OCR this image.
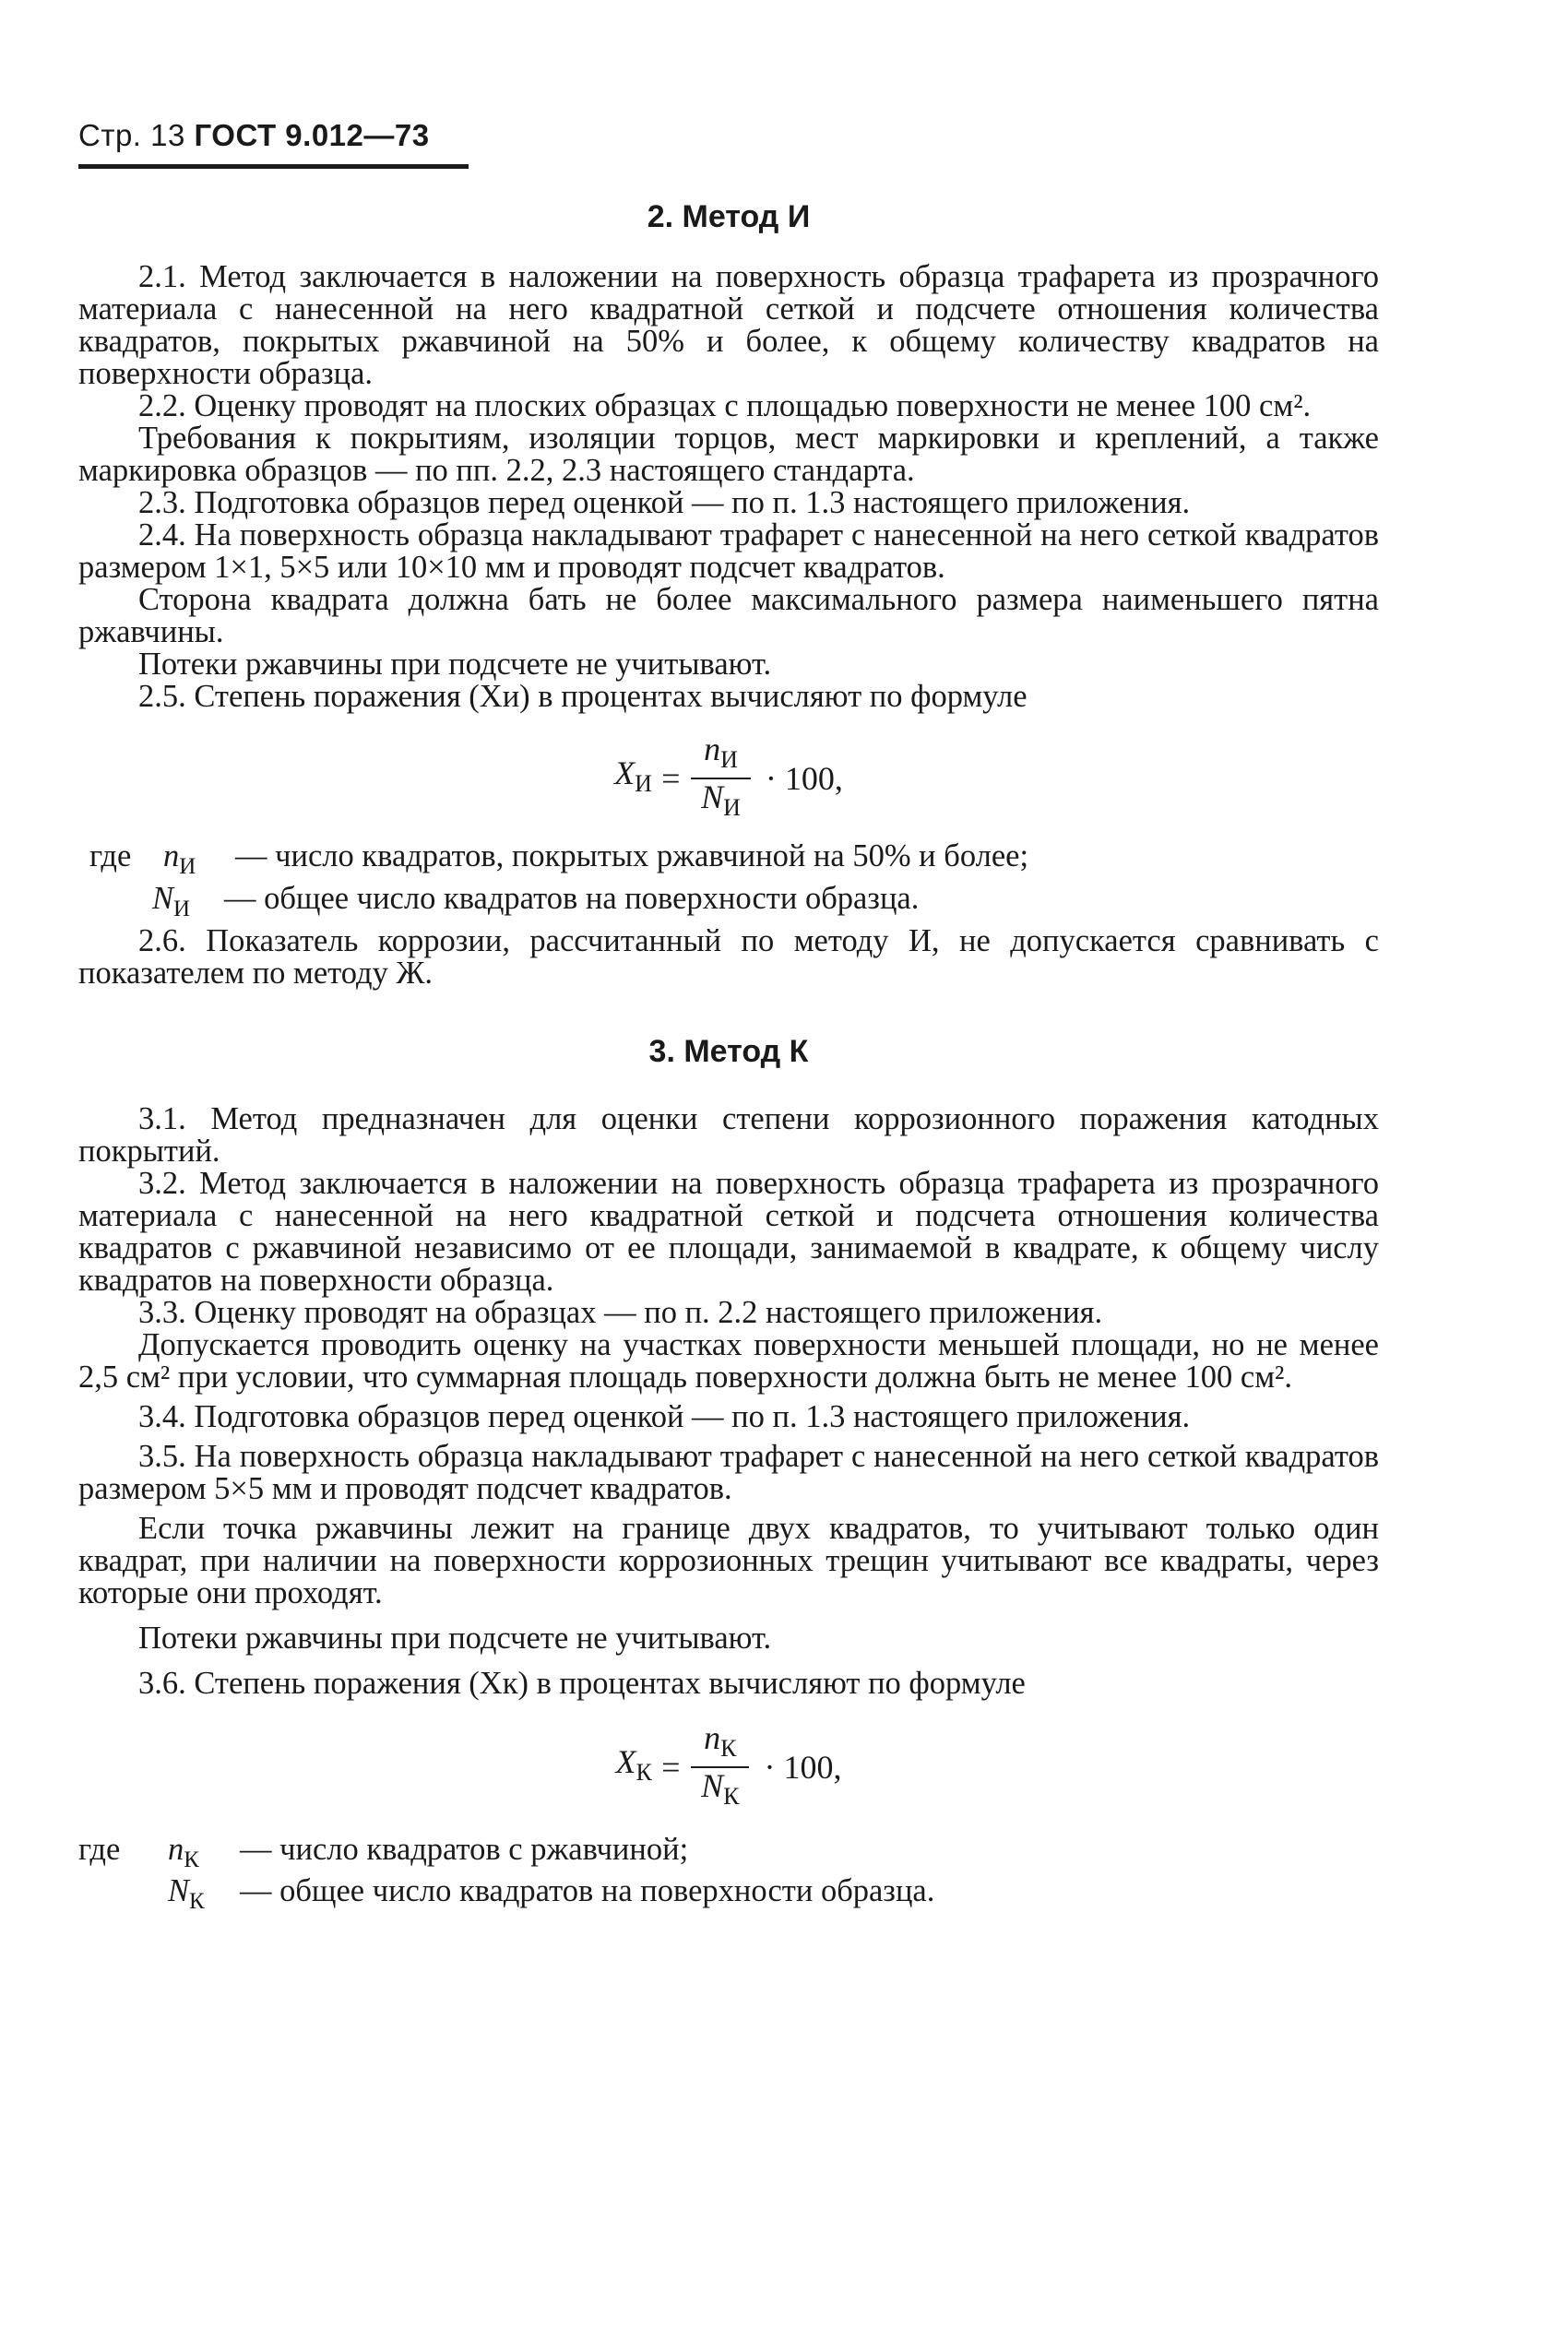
Стр. 13 ГОСТ 9.012—73
2. Метод И

2.1. Метод заключается в наложении на поверхность образца трафарета из прозрачного материала с нанесенной на него квадратной сеткой и подсчете отношения количества квадратов, покрытых ржавчиной на 50% и более, к общему количеству квадратов на поверхности образца.

2.2. Оценку проводят на плоских образцах с площадью поверхности не менее 100 см².

Требования к покрытиям, изоляции торцов, мест маркировки и креплений, а также маркировка образцов — по пп. 2.2, 2.3 настоящего стандарта.

2.3. Подготовка образцов перед оценкой — по п. 1.3 настоящего приложения.

2.4. На поверхность образца накладывают трафарет с нанесенной на него сеткой квадратов размером 1×1, 5×5 или 10×10 мм и проводят подсчет квадратов.

Сторона квадрата должна бать не более максимального размера наименьшего пятна ржавчины.

Потеки ржавчины при подсчете не учитывают.

2.5. Степень поражения (Xи) в процентах вычисляют по формуле

$X_И = \frac{n_И}{N_И} \cdot 100$,
где	$n_И$	— число квадратов, покрытых ржавчиной на 50% и более;
$N_И$	— общее число квадратов на поверхности образца.

2.6. Показатель коррозии, рассчитанный по методу И, не допускается сравнивать с показателем по методу Ж.

3. Метод К

3.1. Метод предназначен для оценки степени коррозионного поражения катодных покрытий.

3.2. Метод заключается в наложении на поверхность образца трафарета из прозрачного материала с нанесенной на него квадратной сеткой и подсчета отношения количества квадратов с ржавчиной независимо от ее площади, занимаемой в квадрате, к общему числу квадратов на поверхности образца.

3.3. Оценку проводят на образцах — по п. 2.2 настоящего приложения.

Допускается проводить оценку на участках поверхности меньшей площади, но не менее 2,5 см² при условии, что суммарная площадь поверхности должна быть не менее 100 см².

3.4. Подготовка образцов перед оценкой — по п. 1.3 настоящего приложения.

3.5. На поверхность образца накладывают трафарет с нанесенной на него сеткой квадратов размером 5×5 мм и проводят подсчет квадратов.

Если точка ржавчины лежит на границе двух квадратов, то учитывают только один квадрат, при наличии на поверхности коррозионных трещин учитывают все квадраты, через которые они проходят.

Потеки ржавчины при подсчете не учитывают.

3.6. Степень поражения (Xк) в процентах вычисляют по формуле

$X_К = \frac{n_К}{N_К} \cdot 100$,
где	$n_К$	— число квадратов с ржавчиной;
$N_К$	— общее число квадратов на поверхности образца.
